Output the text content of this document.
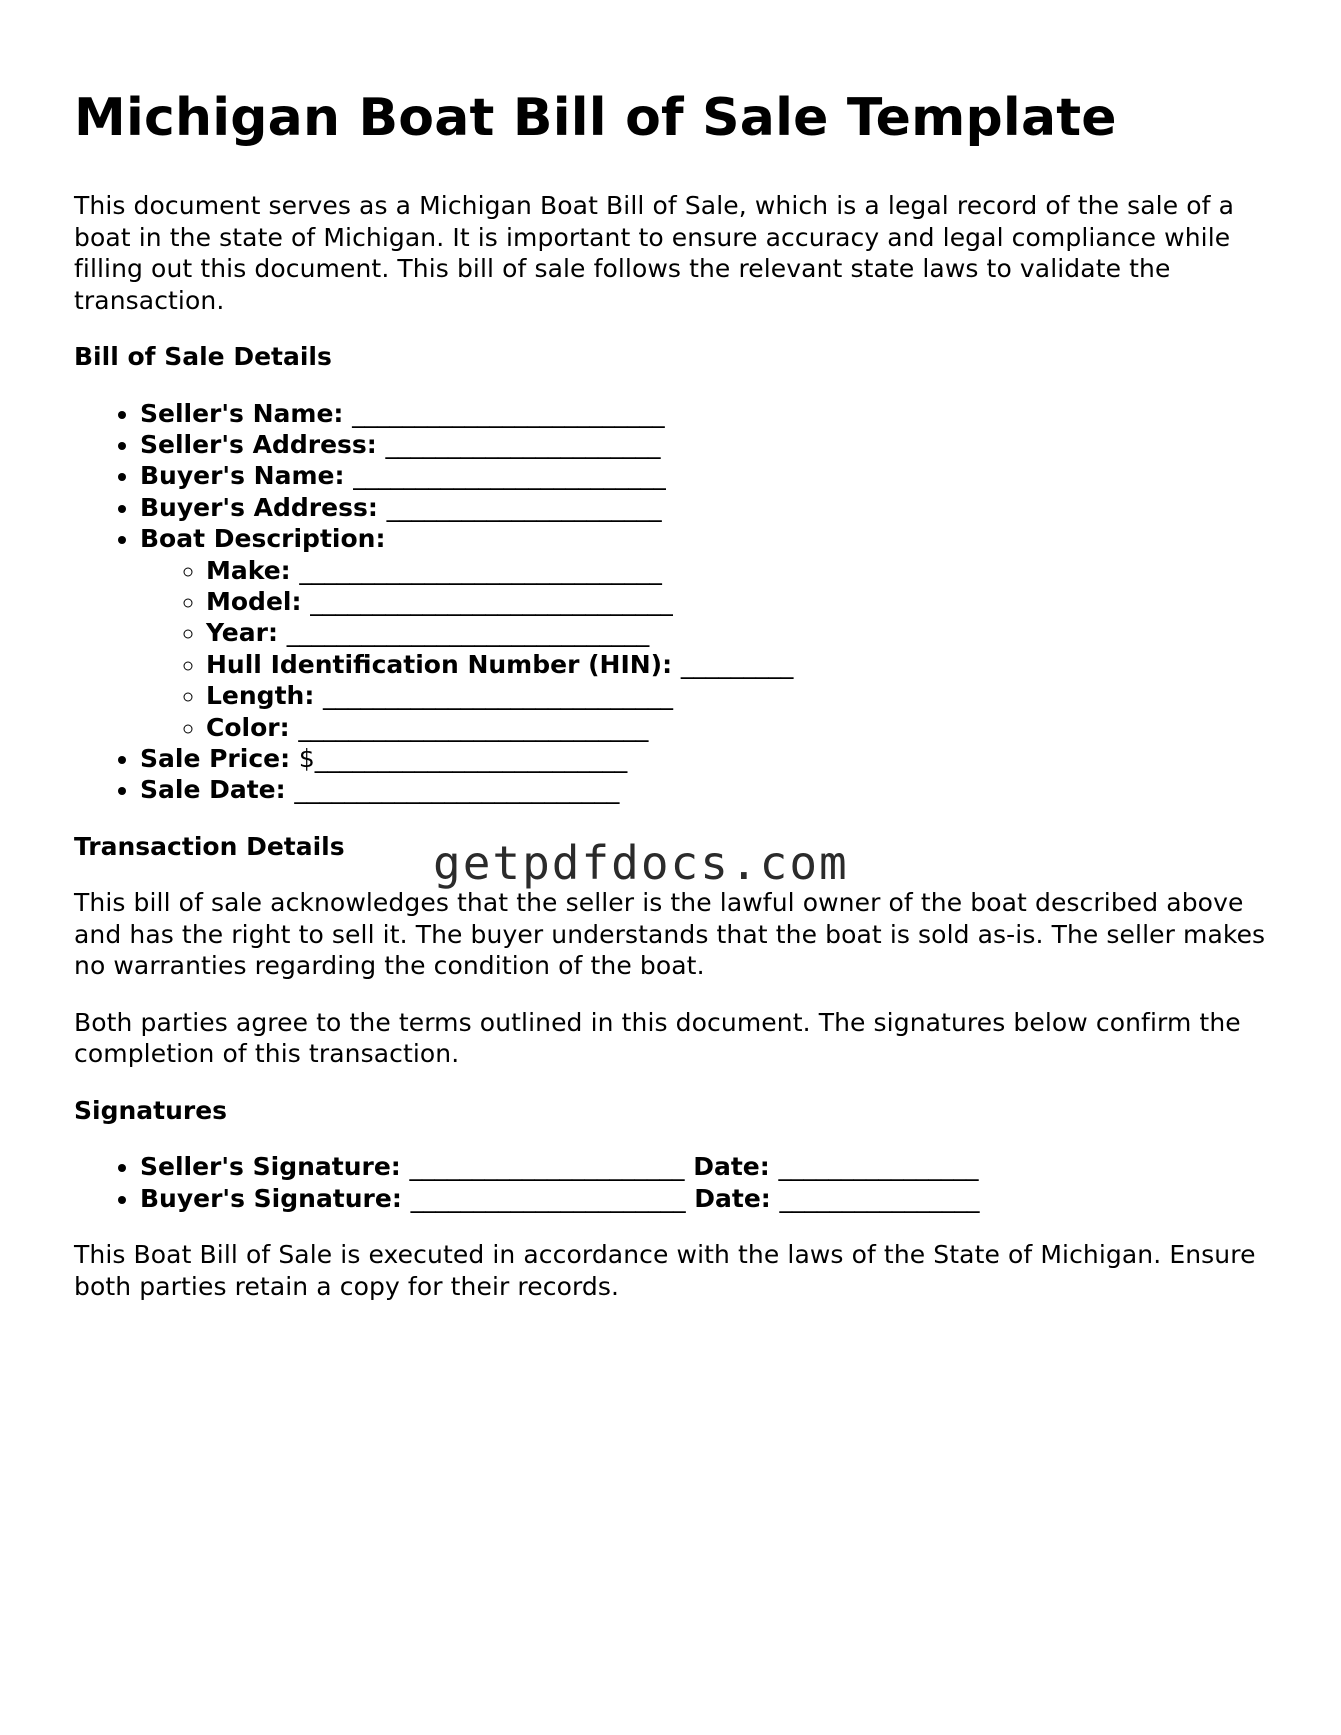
Michigan Boat Bill of Sale Template

This document serves as a Michigan Boat Bill of Sale, which is a legal record of the sale of a boat in the state of Michigan. It is important to ensure accuracy and legal compliance while filling out this document. This bill of sale follows the relevant state laws to validate the transaction.

Bill of Sale Details
• Seller's Name: _________________________
• Seller's Address: ______________________
• Buyer's Name: _________________________
• Buyer's Address: ______________________
• Boat Description:
◦ Make: _____________________________
◦ Model: _____________________________
◦ Year: _____________________________
◦ Hull Identification Number (HIN): _________
◦ Length: ____________________________
◦ Color: ____________________________
• Sale Price: $_________________________
• Sale Date: __________________________
Transaction Details

This bill of sale acknowledges that the seller is the lawful owner of the boat described above and has the right to sell it. The buyer understands that the boat is sold as-is. The seller makes no warranties regarding the condition of the boat.

Both parties agree to the terms outlined in this document. The signatures below confirm the completion of this transaction.

Signatures
• Seller's Signature: ______________________ Date: ________________
• Buyer's Signature: ______________________ Date: ________________

This Boat Bill of Sale is executed in accordance with the laws of the State of Michigan. Ensure both parties retain a copy for their records.

getpdfdocs.com
